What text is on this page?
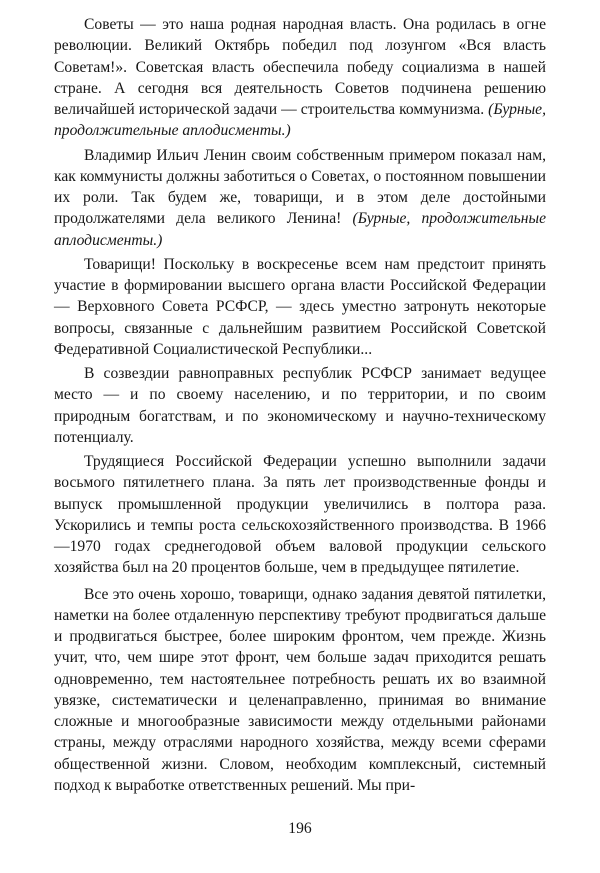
Советы — это наша родная народная власть. Она родилась в огне революции. Великий Октябрь победил под лозунгом «Вся власть Советам!». Советская власть обеспечила победу социализма в нашей стране. А сегодня вся деятельность Советов подчинена решению величайшей исторической задачи — строительства коммунизма. (Бурные, продолжительные аплодисменты.)

Владимир Ильич Ленин своим собственным примером показал нам, как коммунисты должны заботиться о Советах, о постоянном повышении их роли. Так будем же, товарищи, и в этом деле достойными продолжателями дела великого Ленина! (Бурные, продолжительные аплодисменты.)

Товарищи! Поскольку в воскресенье всем нам предстоит принять участие в формировании высшего органа власти Российской Федерации — Верховного Совета РСФСР, — здесь уместно затронуть некоторые вопросы, связанные с дальнейшим развитием Российской Советской Федеративной Социалистической Республики...

В созвездии равноправных республик РСФСР занимает ведущее место — и по своему населению, и по территории, и по своим природным богатствам, и по экономическому и научно-техническому потенциалу.

Трудящиеся Российской Федерации успешно выполнили задачи восьмого пятилетнего плана. За пять лет производственные фонды и выпуск промышленной продукции увеличились в полтора раза. Ускорились и темпы роста сельскохозяйственного производства. В 1966—1970 годах среднегодовой объем валовой продукции сельского хозяйства был на 20 процентов больше, чем в предыдущее пятилетие.

Все это очень хорошо, товарищи, однако задания девятой пятилетки, наметки на более отдаленную перспективу требуют продвигаться дальше и продвигаться быстрее, более широким фронтом, чем прежде. Жизнь учит, что, чем шире этот фронт, чем больше задач приходится решать одновременно, тем настоятельнее потребность решать их во взаимной увязке, систематически и целенаправленно, принимая во внимание сложные и многообразные зависимости между отдельными районами страны, между отраслями народного хозяйства, между всеми сферами общественной жизни. Словом, необходим комплексный, системный подход к выработке ответственных решений. Мы при-

196
